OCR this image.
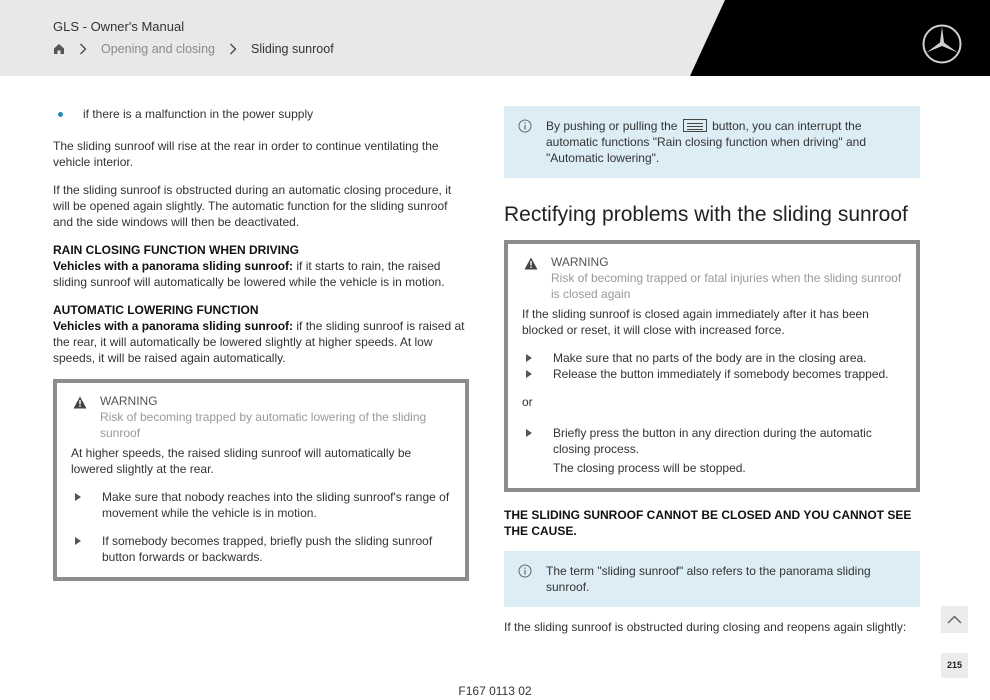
GLS - Owner's Manual
Opening and closing	Sliding sunroof
if there is a malfunction in the power supply

The sliding sunroof will rise at the rear in order to continue ventilating the vehicle interior.

If the sliding sunroof is obstructed during an automatic closing procedure, it will be opened again slightly. The automatic function for the sliding sunroof and the side windows will then be deactivated.

RAIN CLOSING FUNCTION WHEN DRIVING

Vehicles with a panorama sliding sunroof: if it starts to rain, the raised sliding sunroof will automatically be lowered while the vehicle is in motion.

AUTOMATIC LOWERING FUNCTION

Vehicles with a panorama sliding sunroof: if the sliding sunroof is raised at the rear, it will automatically be lowered slightly at higher speeds. At low speeds, it will be raised again automatically.

WARNING
Risk of becoming trapped by automatic lowering of the sliding sunroof

At higher speeds, the raised sliding sunroof will automatically be lowered slightly at the rear.

Make sure that nobody reaches into the sliding sunroof's range of movement while the vehicle is in motion.
If somebody becomes trapped, briefly push the sliding sunroof button forwards or backwards.

By pushing or pulling the
button, you can interrupt the automatic functions "Rain closing function when driving" and "Automatic lowering".

Rectifying problems with the sliding sunroof
WARNING
Risk of becoming trapped or fatal injuries when the sliding sunroof is closed again

If the sliding sunroof is closed again immediately after it has been blocked or reset, it will close with increased force.

Make sure that no parts of the body are in the closing area.
Release the button immediately if somebody becomes trapped.

or

Briefly press the button in any direction during the automatic closing process.

The closing process will be stopped.

THE SLIDING SUNROOF CANNOT BE CLOSED AND YOU CANNOT SEE THE CAUSE.

The term "sliding sunroof" also refers to the panorama sliding sunroof.

If the sliding sunroof is obstructed during closing and reopens again slightly:

215
F167 0113 02
